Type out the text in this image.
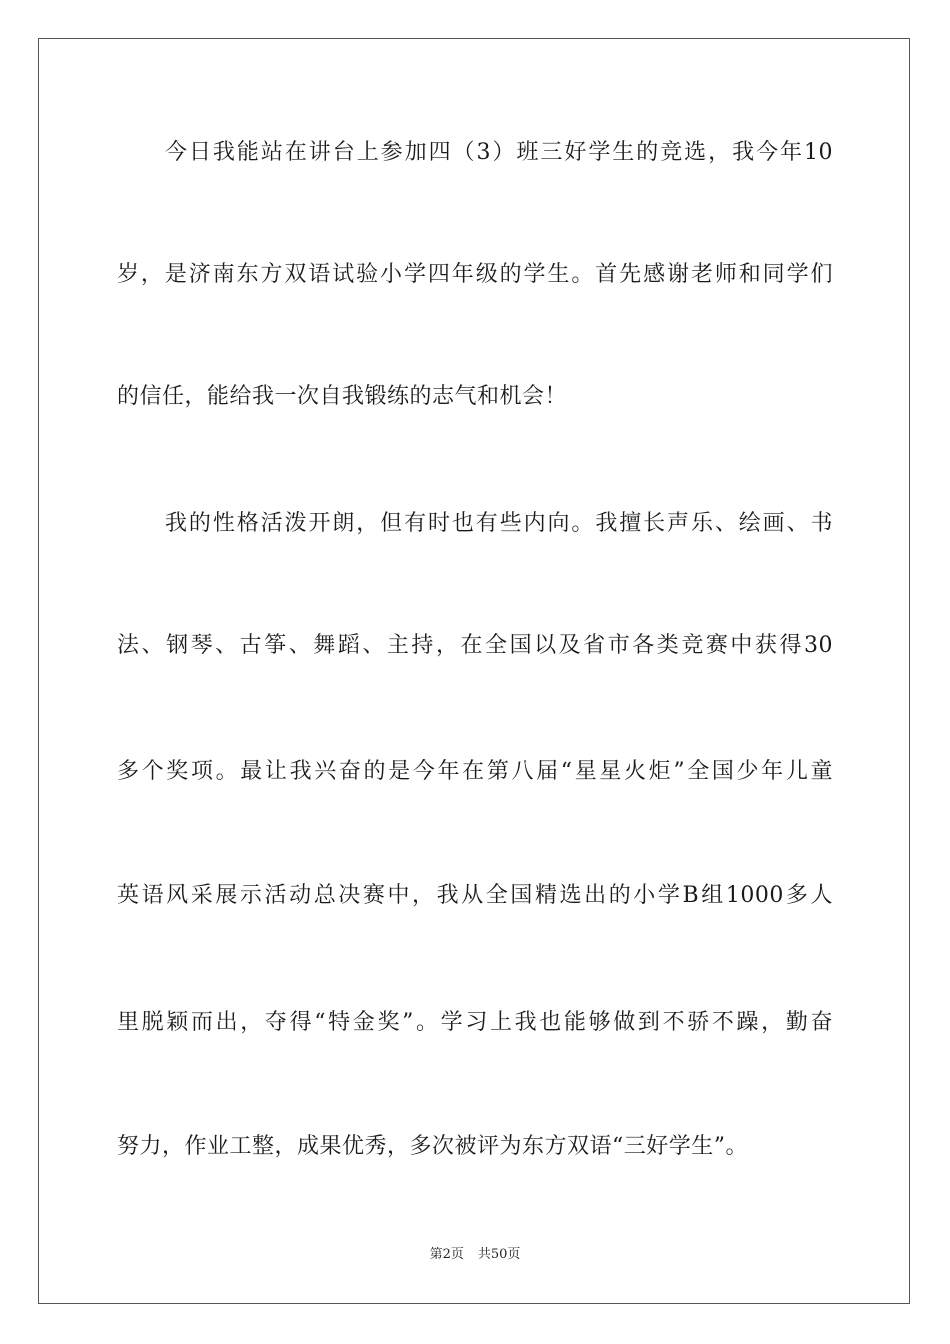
今日我能站在讲台上参加四（3）班三好学生的竞选，我今年10
岁，是济南东方双语试验小学四年级的学生。首先感谢老师和同学们
的信任，能给我一次自我锻练的志气和机会！
我的性格活泼开朗，但有时也有些内向。我擅长声乐、绘画、书
法、钢琴、古筝、舞蹈、主持，在全国以及省市各类竞赛中获得30
多个奖项。最让我兴奋的是今年在第八届“星星火炬”全国少年儿童
英语风采展示活动总决赛中，我从全国精选出的小学B组1000多人
里脱颖而出，夺得“特金奖”。学习上我也能够做到不骄不躁，勤奋
努力，作业工整，成果优秀，多次被评为东方双语“三好学生”。
第2页 共50页
